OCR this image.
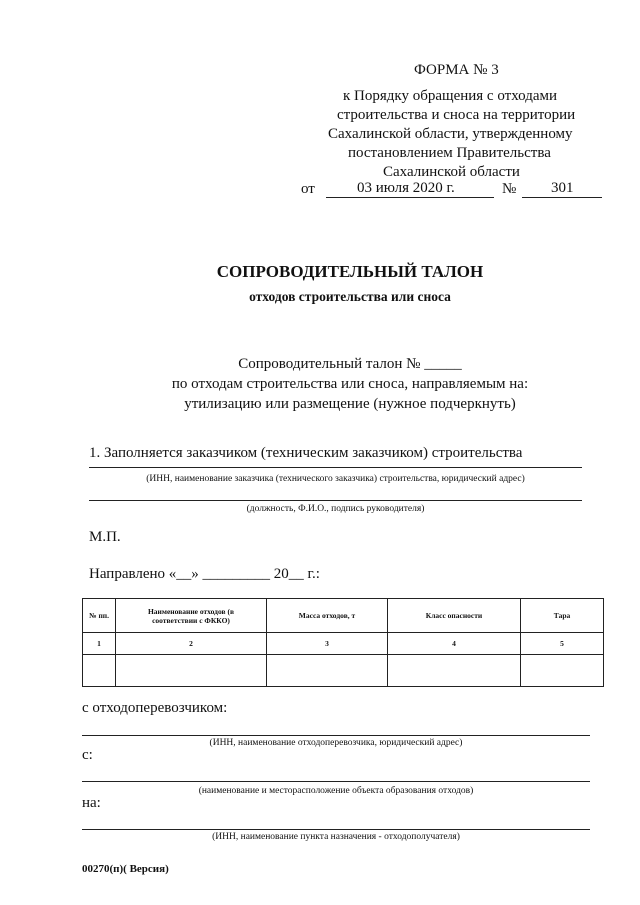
ФОРМА № 3
к Порядку обращения с отходами
строительства и сноса на территории
Сахалинской области, утвержденному
постановлением Правительства
Сахалинской области
от	03 июля 2020 г.	№ 301
СОПРОВОДИТЕЛЬНЫЙ ТАЛОН
отходов строительства или сноса
Сопроводительный талон № _____
по отходам строительства или сноса, направляемым на:
утилизацию или размещение (нужное подчеркнуть)
1. Заполняется заказчиком (техническим заказчиком) строительства
(ИНН, наименование заказчика (технического заказчика) строительства, юридический адрес)
(должность, Ф.И.О., подпись руководителя)
М.П.
Направлено «__» _________ 20__ г.:
№ пп.	Наименование отходов (в соответствии с ФККО)	Масса отходов, т	Класс опасности	Тара
1	2	3	4	5

с отходоперевозчиком:
(ИНН, наименование отходоперевозчика, юридический адрес)
с:
(наименование и месторасположение объекта образования отходов)
на:
(ИНН, наименование пункта назначения - отходополучателя)
00270(п)( Версия)
